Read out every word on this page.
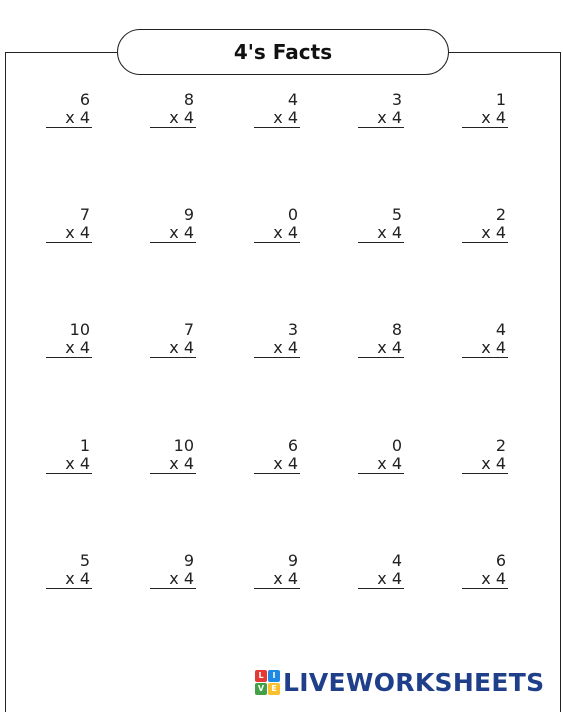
4's Facts
6
x 4
8
x 4
4
x 4
3
x 4
1
x 4
7
x 4
9
x 4
0
x 4
5
x 4
2
x 4
10
x 4
7
x 4
3
x 4
8
x 4
4
x 4
1
x 4
10
x 4
6
x 4
0
x 4
2
x 4
5
x 4
9
x 4
9
x 4
4
x 4
6
x 4
L	I
V E LIVEWORKSHEETS
